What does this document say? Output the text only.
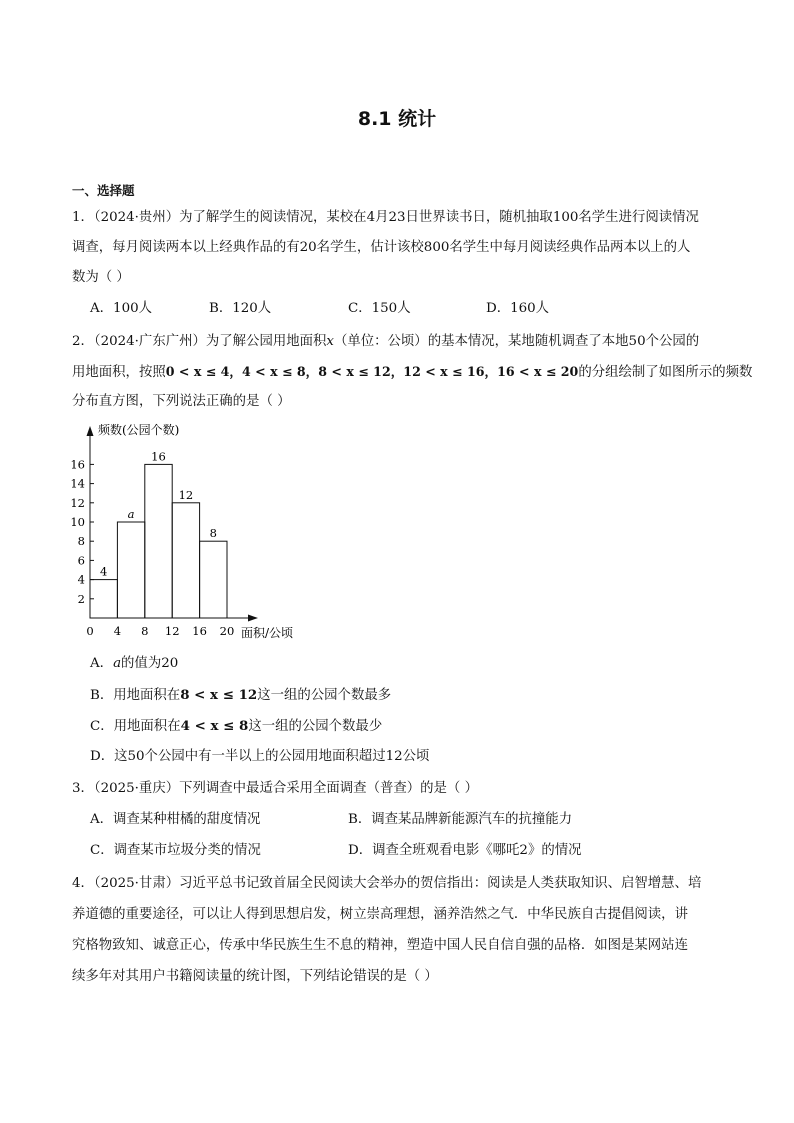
8.1 统计
一、选择题
1．（2024·贵州）为了解学生的阅读情况，某校在4月23日世界读书日，随机抽取100名学生进行阅读情况
调查，每月阅读两本以上经典作品的有20名学生，估计该校800名学生中每月阅读经典作品两本以上的人
数为（ ）
A．100人	B．120人	C．150人	D．160人
2．（2024·广东广州）为了解公园用地面积x（单位：公顷）的基本情况，某地随机调查了本地50个公园的
用地面积，按照0 < x ≤ 4，4 < x ≤ 8，8 < x ≤ 12，12 < x ≤ 16，16 < x ≤ 20的分组绘制了如图所示的频数
分布直方图，下列说法正确的是（ ）
2
4
6
8
10
12
14
16
0 4 8 12 16 20
4
a
16
12
8
频数(公园个数)
面积/公顷
A．a的值为20
B．用地面积在8 < x ≤ 12这一组的公园个数最多
C．用地面积在4 < x ≤ 8这一组的公园个数最少
D．这50个公园中有一半以上的公园用地面积超过12公顷
3．（2025·重庆）下列调查中最适合采用全面调查（普查）的是（ ）
A．调查某种柑橘的甜度情况	B．调查某品牌新能源汽车的抗撞能力
C．调查某市垃圾分类的情况	D．调查全班观看电影《哪吒2》的情况
4．（2025·甘肃）习近平总书记致首届全民阅读大会举办的贺信指出：阅读是人类获取知识、启智增慧、培
养道德的重要途径，可以让人得到思想启发，树立崇高理想，涵养浩然之气．中华民族自古提倡阅读，讲
究格物致知、诚意正心，传承中华民族生生不息的精神，塑造中国人民自信自强的品格．如图是某网站连
续多年对其用户书籍阅读量的统计图，下列结论错误的是（ ）
